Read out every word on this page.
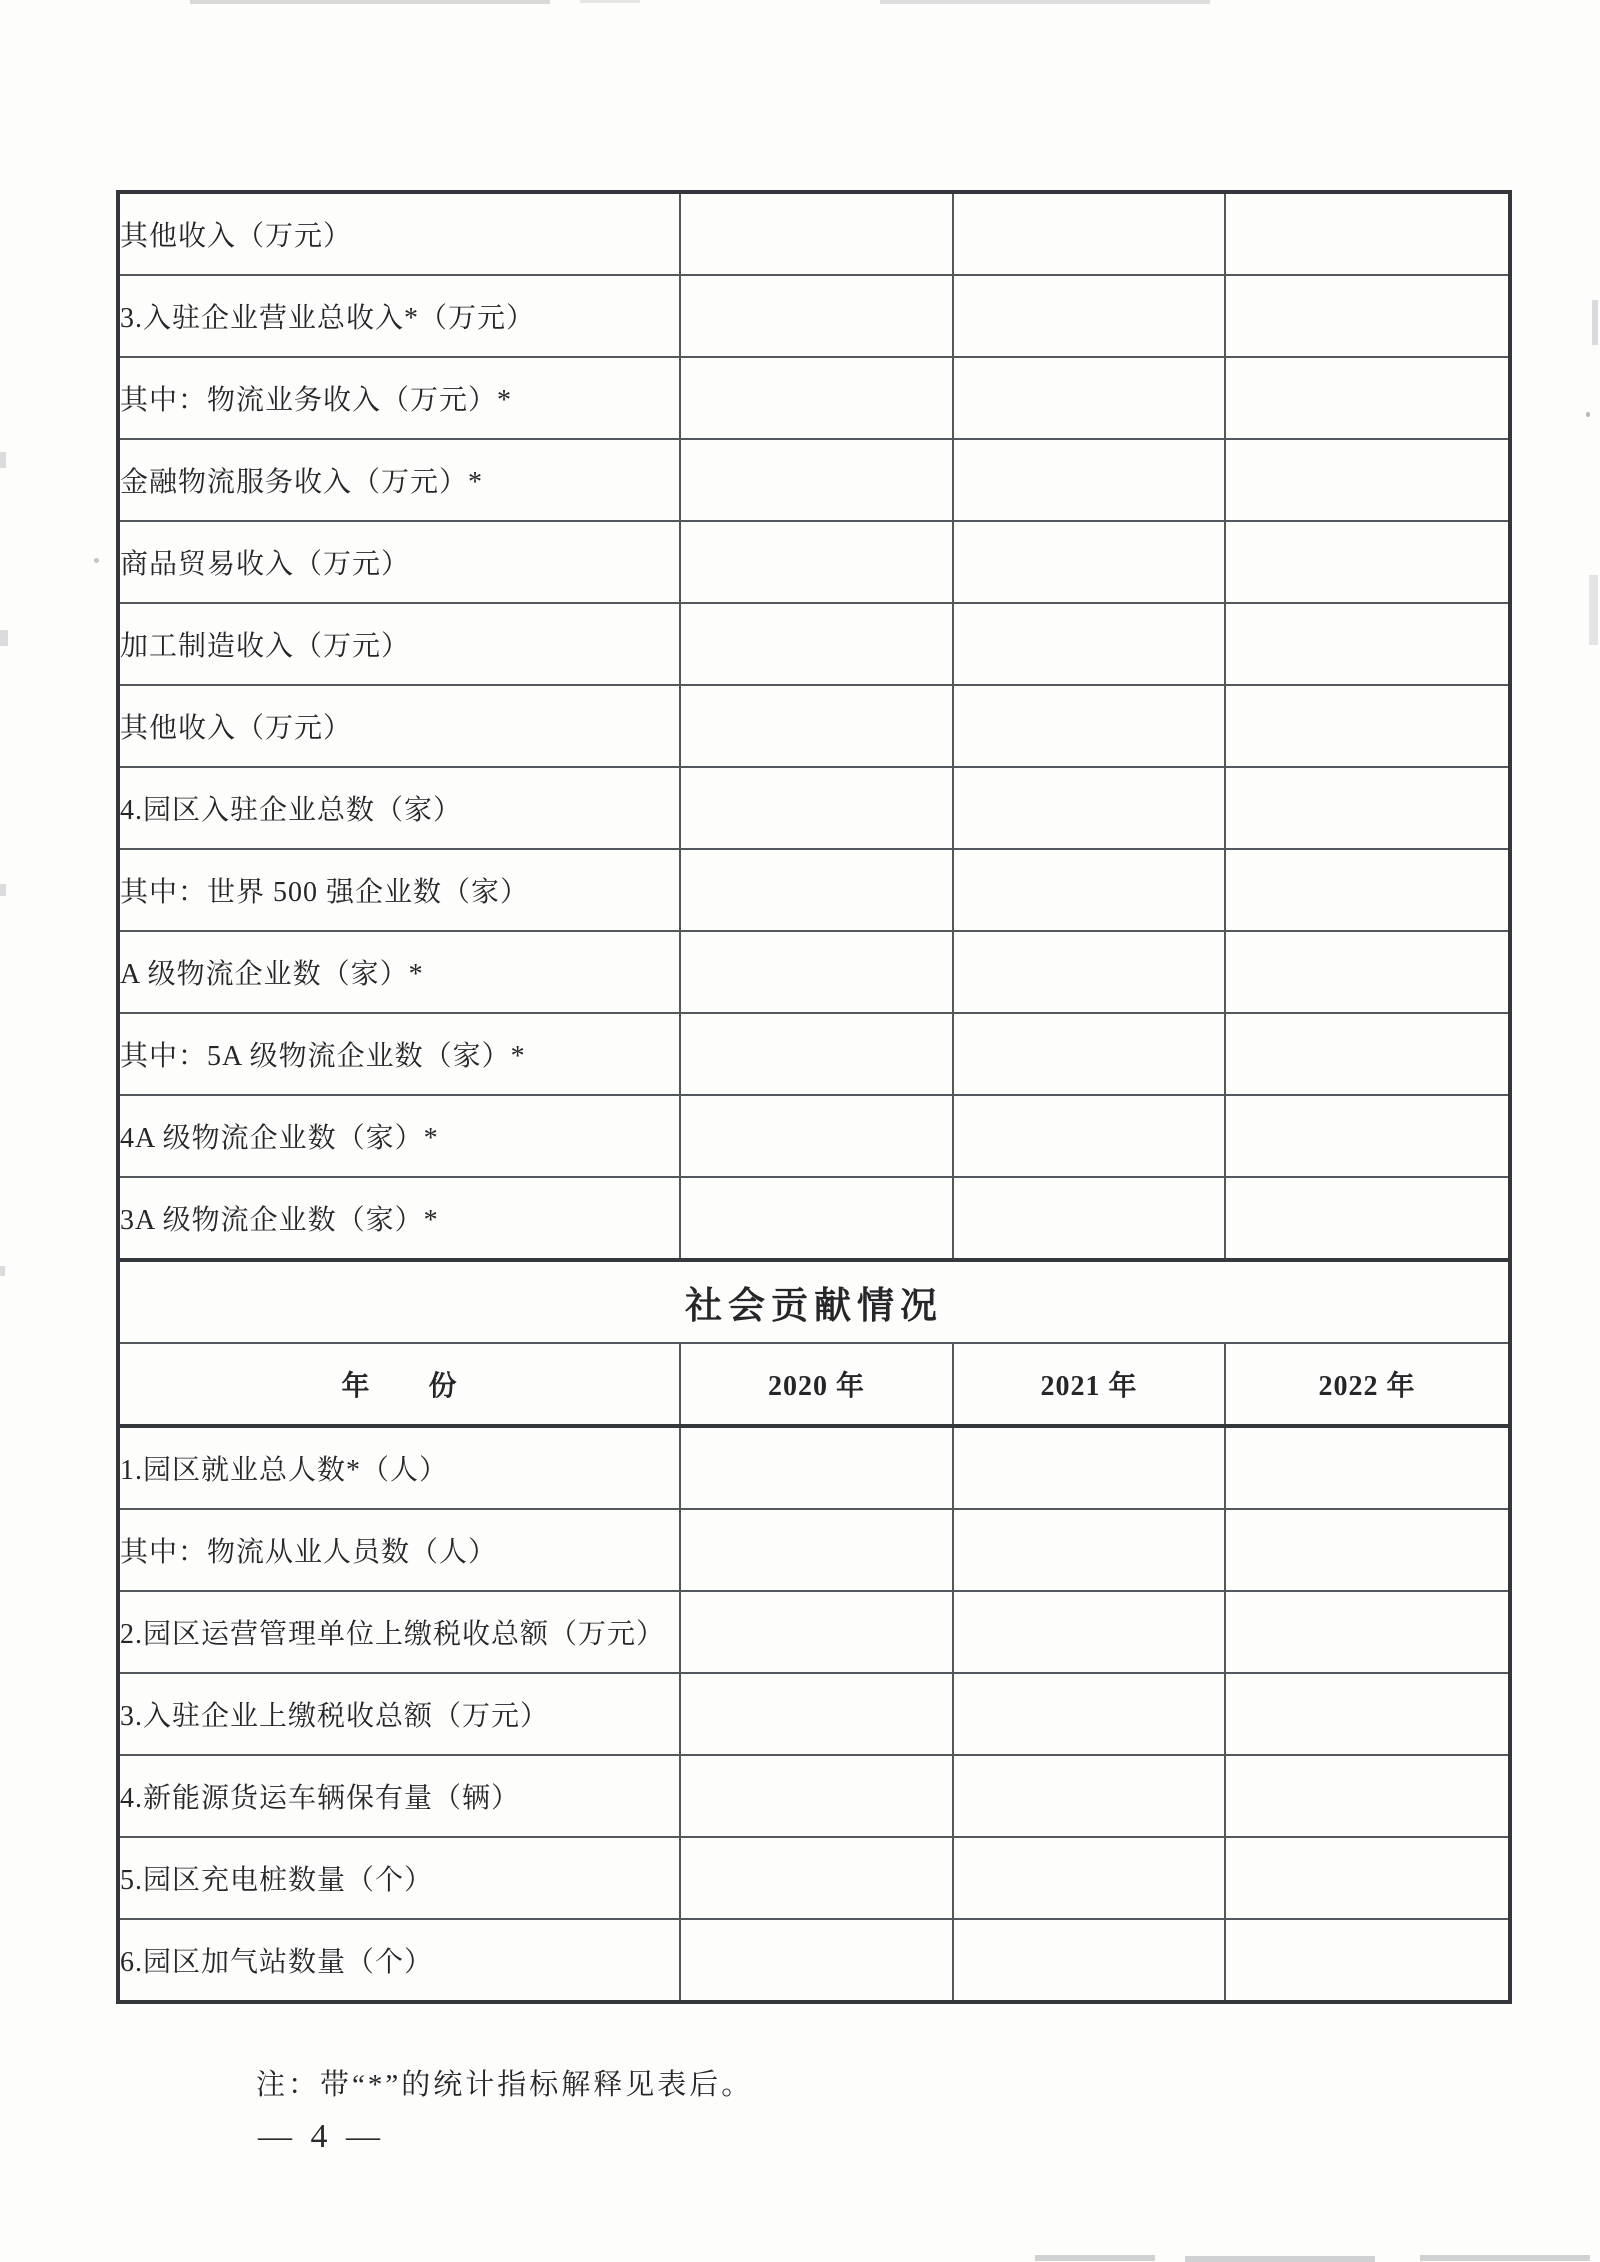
其他收入（万元）			
3.入驻企业营业总收入*（万元）			
其中：物流业务收入（万元）*			
金融物流服务收入（万元）*			
商品贸易收入（万元）			
加工制造收入（万元）			
其他收入（万元）			
4.园区入驻企业总数（家）			
其中：世界 500 强企业数（家）			
A 级物流企业数（家）*			
其中：5A 级物流企业数（家）*			
4A 级物流企业数（家）*			
3A 级物流企业数（家）*			
社会贡献情况			
年　　份	2020 年	2021 年	2022 年
1.园区就业总人数*（人）			
其中：物流从业人员数（人）			
2.园区运营管理单位上缴税收总额（万元）			
3.入驻企业上缴税收总额（万元）			
4.新能源货运车辆保有量（辆）			
5.园区充电桩数量（个）			
6.园区加气站数量（个）			
注：带“*”的统计指标解释见表后。
— 4 —
